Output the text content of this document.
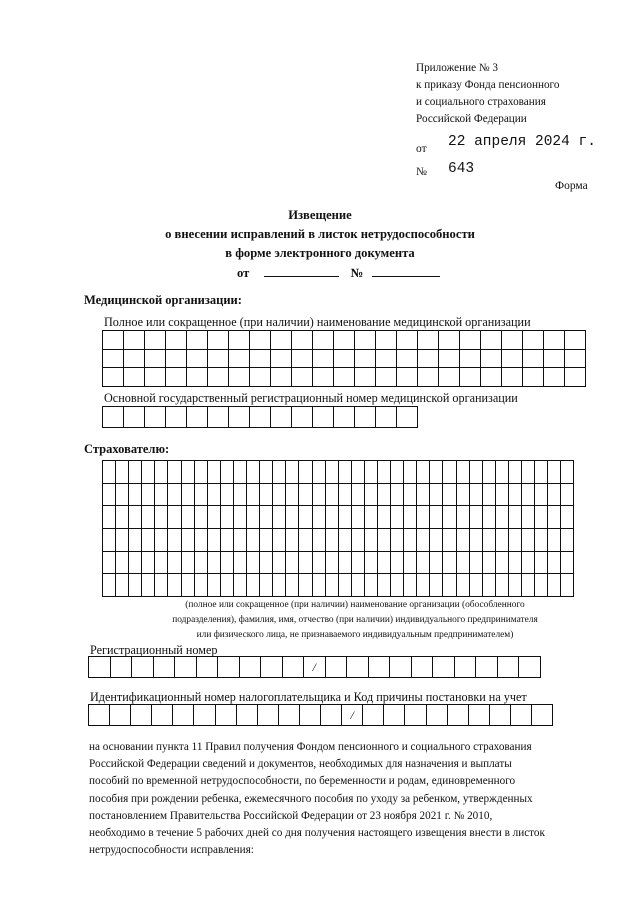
Приложение № 3
к приказу Фонда пенсионного
и социального страхования
Российской Федерации
от 22 апреля 2024 г.
№ 643
Форма
Извещение
о внесении исправлений в листок нетрудоспособности
в форме электронного документа
от	№
Медицинской организации:
Полное или сокращенное (при наличии) наименование медицинской организации
Основной государственный регистрационный номер медицинской организации
Страхователю:
(полное или сокращенное (при наличии) наименование организации (обособленного
подразделения), фамилия, имя, отчество (при наличии) индивидуального предпринимателя
или физического лица, не признаваемого индивидуальным предпринимателем)
Регистрационный номер
/
Идентификационный номер налогоплательщика и Код причины постановки на учет
/
на основании пункта 11 Правил получения Фондом пенсионного и социального страхования
Российской Федерации сведений и документов, необходимых для назначения и выплаты
пособий по временной нетрудоспособности, по беременности и родам, единовременного
пособия при рождении ребенка, ежемесячного пособия по уходу за ребенком, утвержденных
постановлением Правительства Российской Федерации от 23 ноября 2021 г. № 2010,
необходимо в течение 5 рабочих дней со дня получения настоящего извещения внести в листок
нетрудоспособности исправления:
